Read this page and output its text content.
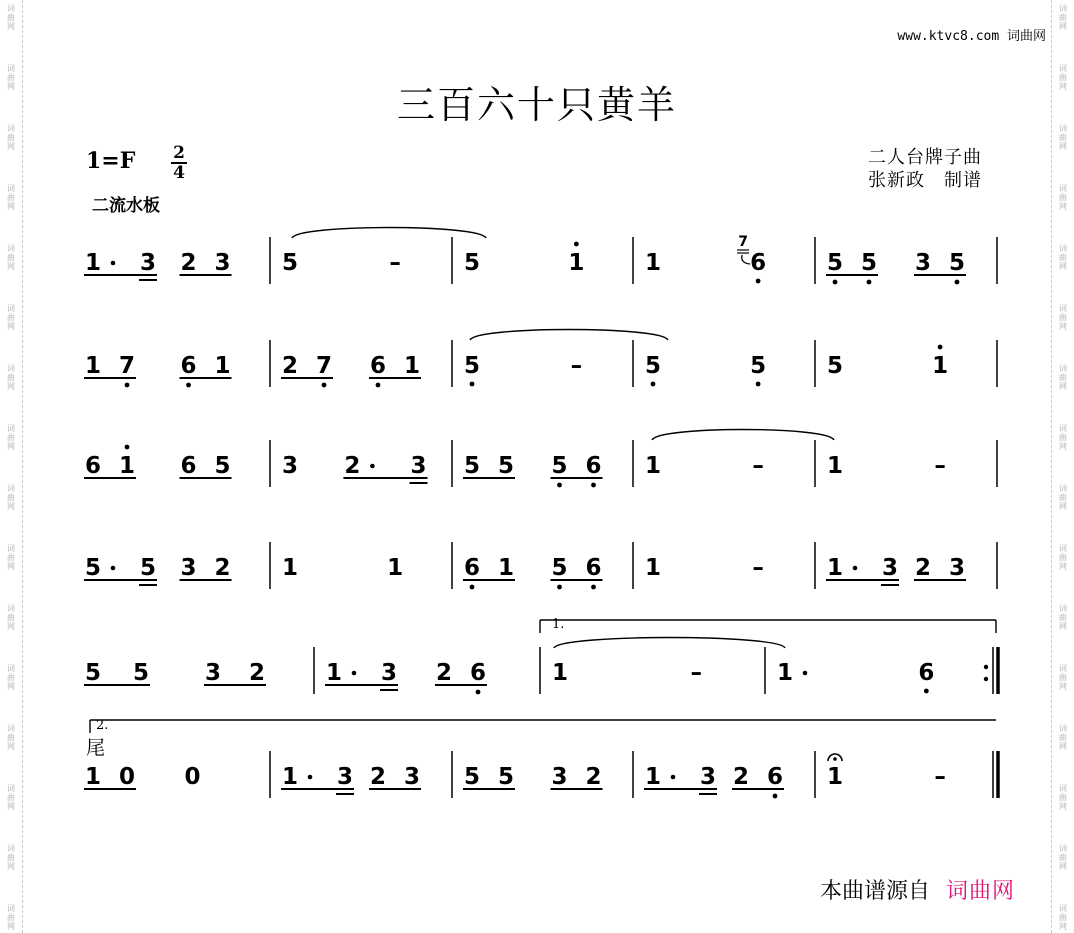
词
曲
网
词
曲
网
词
曲
网
词
曲
网
词
曲
网
词
曲
网
词
曲
网
词
曲
网
词
曲
网
词
曲
网
词
曲
网
词
曲
网
词
曲
网
词
曲
网
词
曲
网
词
曲
网
词
曲
网
词
曲
网
词
曲
网
词
曲
网
词
曲
网
词
曲
网
词
曲
网
词
曲
网
词
曲
网
词
曲
网
词
曲
网
词
曲
网
词
曲
网
词
曲
网
词
曲
网
词
曲
网
www.ktvc8.com 词曲网
三百六十只黄羊
1=F 2
4
二流水板
二人台牌子曲
张新政　制谱
1 3 2 3 5	–	5	1	1	6
7
5 5 3 5
1 7 6 1 2 7 6 1 5	–	5	5	5	1
6 1 6 5 3 2 3 5 5 5 6 1	–	1	–
5 5 3 2 1	1	6 1 5 6 1	–	1 3 2 3
5 5 3 2	1 3 2 6	1	–	1	6
1 0 0	1 3 2 3 5 5 3 2 1 3 2 6 1	–
1.
2.
尾
本曲谱源自 词曲网
